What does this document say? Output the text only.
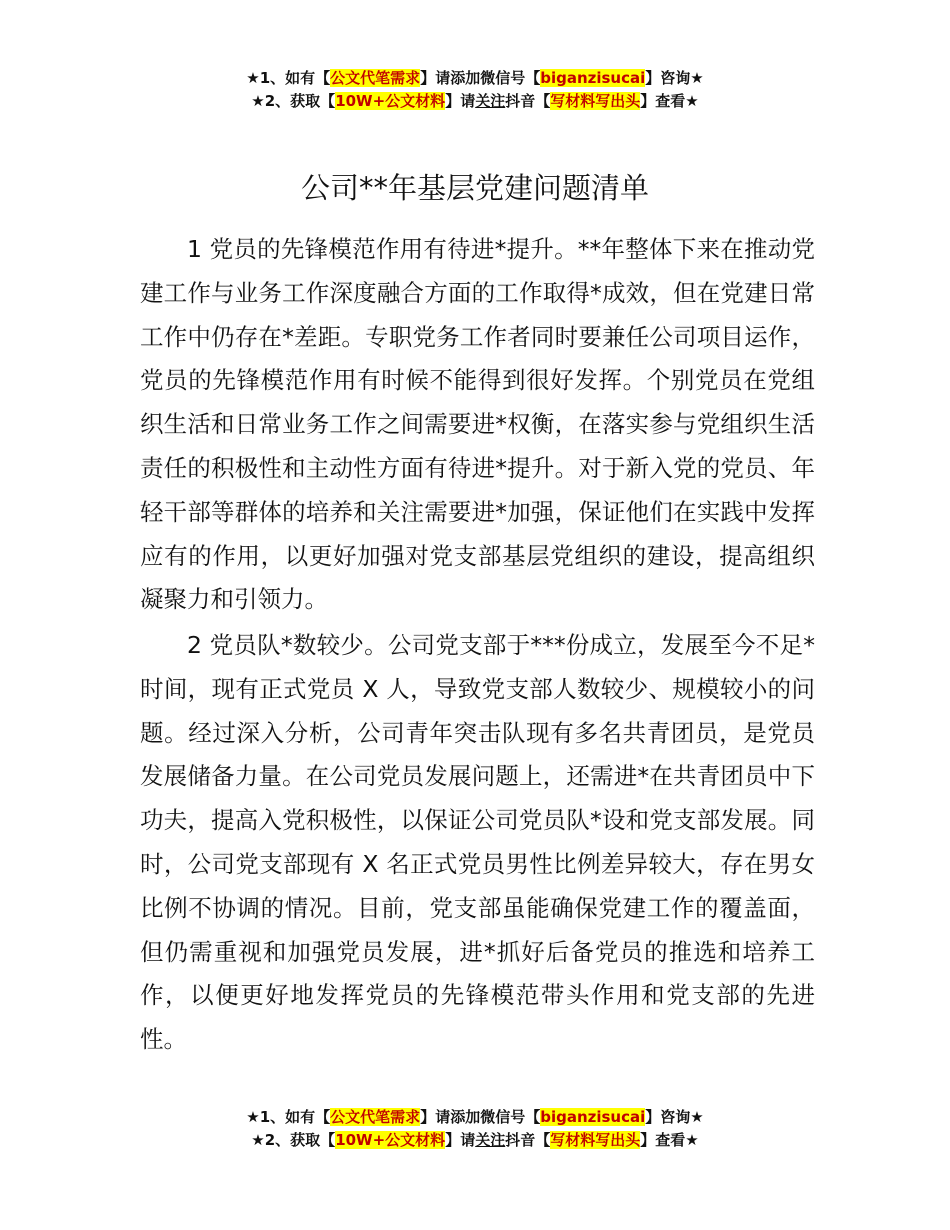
★1、如有【公文代笔需求】请添加微信号【biganzisucai】咨询★
★2、获取【10W+公文材料】请关注抖音【写材料写出头】查看★
公司**年基层党建问题清单

1 党员的先锋模范作用有待进*提升。**年整体下来在推动党建工作与业务工作深度融合方面的工作取得*成效，但在党建日常工作中仍存在*差距。专职党务工作者同时要兼任公司项目运作，党员的先锋模范作用有时候不能得到很好发挥。个别党员在党组织生活和日常业务工作之间需要进*权衡，在落实参与党组织生活责任的积极性和主动性方面有待进*提升。对于新入党的党员、年轻干部等群体的培养和关注需要进*加强，保证他们在实践中发挥应有的作用，以更好加强对党支部基层党组织的建设，提高组织凝聚力和引领力。

2 党员队*数较少。公司党支部于***份成立，发展至今不足*时间，现有正式党员 X 人，导致党支部人数较少、规模较小的问题。经过深入分析，公司青年突击队现有多名共青团员，是党员发展储备力量。在公司党员发展问题上，还需进*在共青团员中下功夫，提高入党积极性，以保证公司党员队*设和党支部发展。同时，公司党支部现有 X 名正式党员男性比例差异较大，存在男女比例不协调的情况。目前，党支部虽能确保党建工作的覆盖面，但仍需重视和加强党员发展，进*抓好后备党员的推选和培养工作，以便更好地发挥党员的先锋模范带头作用和党支部的先进性。

★1、如有【公文代笔需求】请添加微信号【biganzisucai】咨询★
★2、获取【10W+公文材料】请关注抖音【写材料写出头】查看★
